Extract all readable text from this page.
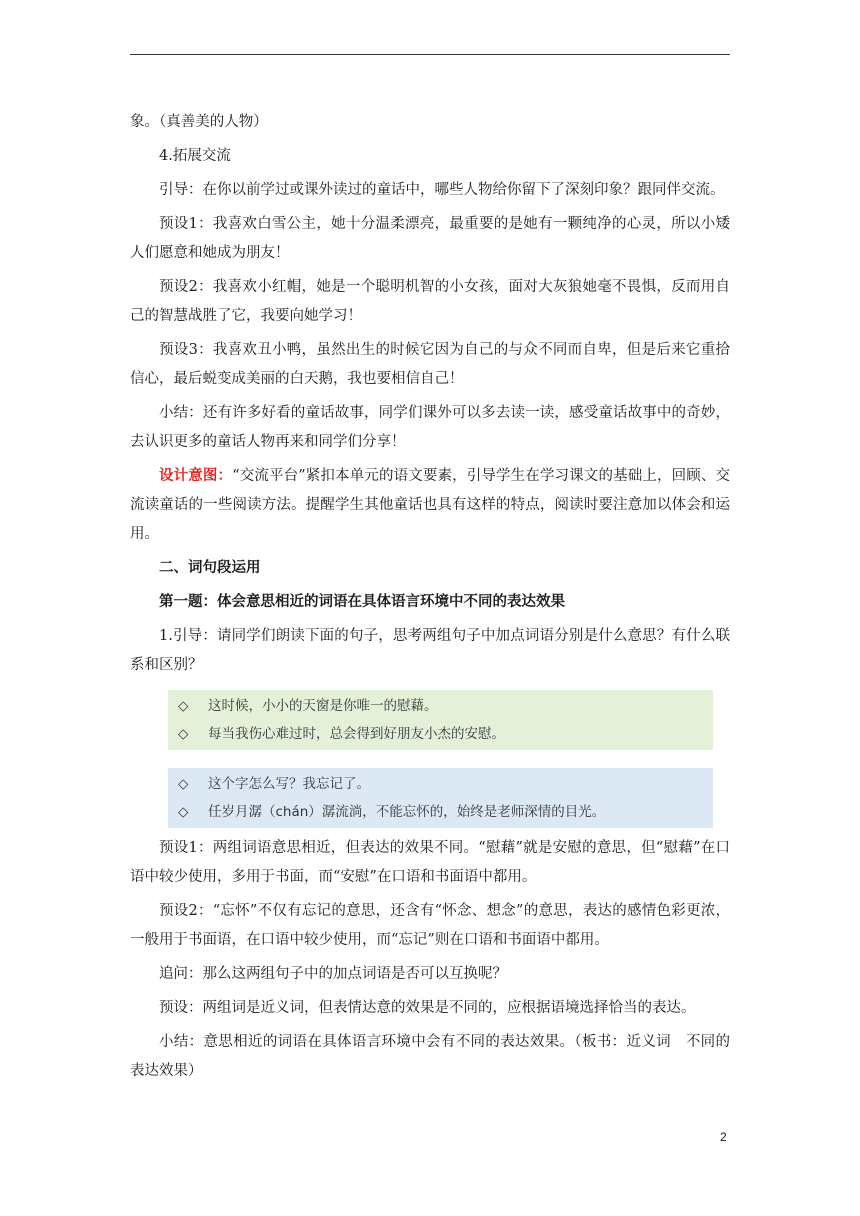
象。（真善美的人物）

4.拓展交流

引导：在你以前学过或课外读过的童话中，哪些人物给你留下了深刻印象？跟同伴交流。

预设1：我喜欢白雪公主，她十分温柔漂亮，最重要的是她有一颗纯净的心灵，所以小矮人们愿意和她成为朋友！

预设2：我喜欢小红帽，她是一个聪明机智的小女孩，面对大灰狼她毫不畏惧，反而用自己的智慧战胜了它，我要向她学习！

预设3：我喜欢丑小鸭，虽然出生的时候它因为自己的与众不同而自卑，但是后来它重拾信心，最后蜕变成美丽的白天鹅，我也要相信自己！

小结：还有许多好看的童话故事，同学们课外可以多去读一读，感受童话故事中的奇妙，去认识更多的童话人物再来和同学们分享！

设计意图：“交流平台”紧扣本单元的语文要素，引导学生在学习课文的基础上，回顾、交流读童话的一些阅读方法。提醒学生其他童话也具有这样的特点，阅读时要注意加以体会和运用。

二、词句段运用

第一题：体会意思相近的词语在具体语言环境中不同的表达效果

1.引导：请同学们朗读下面的句子，思考两组句子中加点词语分别是什么意思？有什么联系和区别？

◇ 这时候，小小的天窗是你唯一的慰藉。
◇ 每当我伤心难过时，总会得到好朋友小杰的安慰。
◇ 这个字怎么写？我忘记了。
◇ 任岁月潺（chán）潺流淌，不能忘怀的，始终是老师深情的目光。

预设1：两组词语意思相近，但表达的效果不同。“慰藉”就是安慰的意思，但“慰藉”在口语中较少使用，多用于书面，而“安慰”在口语和书面语中都用。

预设2：“忘怀”不仅有忘记的意思，还含有“怀念、想念”的意思，表达的感情色彩更浓，一般用于书面语，在口语中较少使用，而“忘记”则在口语和书面语中都用。

追问：那么这两组句子中的加点词语是否可以互换呢？

预设：两组词是近义词，但表情达意的效果是不同的，应根据语境选择恰当的表达。

小结：意思相近的词语在具体语言环境中会有不同的表达效果。（板书：近义词　不同的表达效果）

2
